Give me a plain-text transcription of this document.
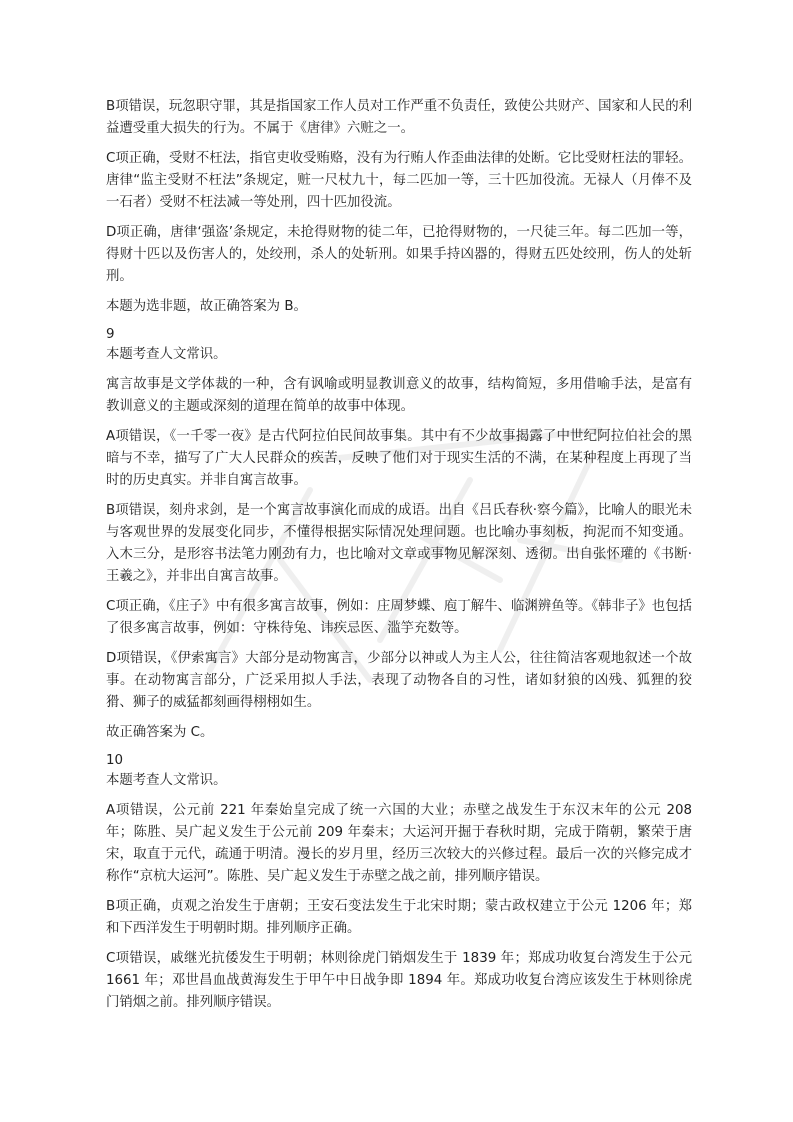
B项错误，玩忽职守罪，其是指国家工作人员对工作严重不负责任，致使公共财产、国家和人民的利益遭受重大损失的行为。不属于《唐律》六赃之一。

C项正确，受财不枉法，指官吏收受贿赂，没有为行贿人作歪曲法律的处断。它比受财枉法的罪轻。唐律“监主受财不枉法”条规定，赃一尺杖九十，每二匹加一等，三十匹加役流。无禄人（月俸不及一石者）受财不枉法减一等处刑，四十匹加役流。

D项正确，唐律‘强盗’条规定，未抢得财物的徒二年，已抢得财物的，一尺徒三年。每二匹加一等，得财十匹以及伤害人的，处绞刑，杀人的处斩刑。如果手持凶器的，得财五匹处绞刑，伤人的处斩刑。

本题为选非题，故正确答案为 B。

9

本题考查人文常识。

寓言故事是文学体裁的一种，含有讽喻或明显教训意义的故事，结构简短，多用借喻手法，是富有教训意义的主题或深刻的道理在简单的故事中体现。

A项错误，《一千零一夜》是古代阿拉伯民间故事集。其中有不少故事揭露了中世纪阿拉伯社会的黑暗与不幸，描写了广大人民群众的疾苦，反映了他们对于现实生活的不满，在某种程度上再现了当时的历史真实。并非自寓言故事。

B项错误，刻舟求剑，是一个寓言故事演化而成的成语。出自《吕氏春秋·察今篇》，比喻人的眼光未与客观世界的发展变化同步，不懂得根据实际情况处理问题。也比喻办事刻板，拘泥而不知变通。入木三分，是形容书法笔力刚劲有力，也比喻对文章或事物见解深刻、透彻。出自张怀瓘的《书断·王羲之》，并非出自寓言故事。

C项正确，《庄子》中有很多寓言故事，例如：庄周梦蝶、庖丁解牛、临渊辨鱼等。《韩非子》也包括了很多寓言故事，例如：守株待兔、讳疾忌医、滥竽充数等。

D项错误，《伊索寓言》大部分是动物寓言，少部分以神或人为主人公，往往简洁客观地叙述一个故事。在动物寓言部分，广泛采用拟人手法，表现了动物各自的习性，诸如豺狼的凶残、狐狸的狡猾、狮子的威猛都刻画得栩栩如生。

故正确答案为 C。

10

本题考查人文常识。

A项错误，公元前 221 年秦始皇完成了统一六国的大业；赤壁之战发生于东汉末年的公元 208 年；陈胜、吴广起义发生于公元前 209 年秦末；大运河开掘于春秋时期，完成于隋朝，繁荣于唐宋，取直于元代，疏通于明清。漫长的岁月里，经历三次较大的兴修过程。最后一次的兴修完成才称作“京杭大运河”。陈胜、吴广起义发生于赤壁之战之前，排列顺序错误。

B项正确，贞观之治发生于唐朝；王安石变法发生于北宋时期；蒙古政权建立于公元 1206 年；郑和下西洋发生于明朝时期。排列顺序正确。

C项错误，戚继光抗倭发生于明朝；林则徐虎门销烟发生于 1839 年；郑成功收复台湾发生于公元 1661 年；邓世昌血战黄海发生于甲午中日战争即 1894 年。郑成功收复台湾应该发生于林则徐虎门销烟之前。排列顺序错误。
